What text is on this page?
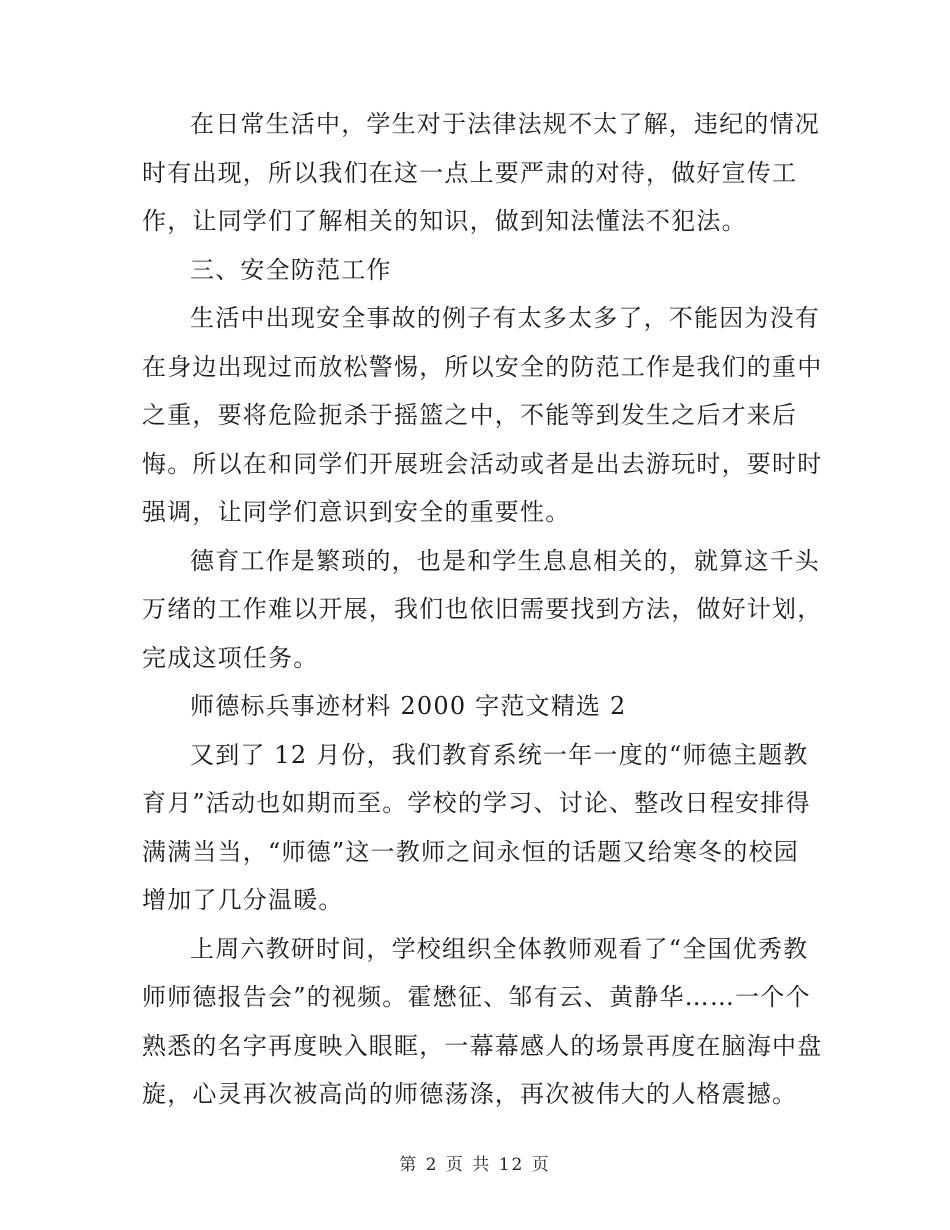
在日常生活中，学生对于法律法规不太了解，违纪的情况
时有出现，所以我们在这一点上要严肃的对待，做好宣传工
作，让同学们了解相关的知识，做到知法懂法不犯法。
三、安全防范工作
生活中出现安全事故的例子有太多太多了，不能因为没有
在身边出现过而放松警惕，所以安全的防范工作是我们的重中
之重，要将危险扼杀于摇篮之中，不能等到发生之后才来后
悔。所以在和同学们开展班会活动或者是出去游玩时，要时时
强调，让同学们意识到安全的重要性。
德育工作是繁琐的，也是和学生息息相关的，就算这千头
万绪的工作难以开展，我们也依旧需要找到方法，做好计划，
完成这项任务。
师德标兵事迹材料 2000 字范文精选 2
又到了 12 月份，我们教育系统一年一度的“师德主题教
育月”活动也如期而至。学校的学习、讨论、整改日程安排得
满满当当，“师德”这一教师之间永恒的话题又给寒冬的校园
增加了几分温暖。
上周六教研时间，学校组织全体教师观看了“全国优秀教
师师德报告会”的视频。霍懋征、邹有云、黄静华……一个个
熟悉的名字再度映入眼眶，一幕幕感人的场景再度在脑海中盘
旋，心灵再次被高尚的师德荡涤，再次被伟大的人格震撼。
第 2 页 共 12 页
